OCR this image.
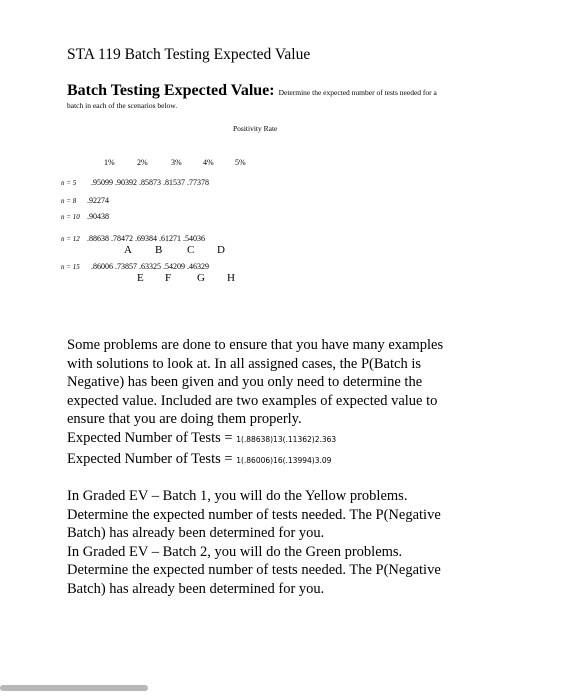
STA 119 Batch Testing Expected Value
Batch Testing Expected Value: Determine the expected number of tests needed for a
batch in each of the scenarios below.
Positivity Rate
1%	2%	3%	4%	5%
n = 5 .95099 .90392 .85873 .81537 .77378
n = 8 .92274
n = 10 .90438
n = 12 .88638 .78472 .69384 .61271 .54036
A B C D
n = 15 .86006 .73857 .63325 .54209 .46329
E F G H

Some problems are done to ensure that you have many examples

with solutions to look at. In all assigned cases, the P(Batch is

Negative) has been given and you only need to determine the

expected value. Included are two examples of expected value to

ensure that you are doing them properly.

Expected Number of Tests = 1(.88638)13(.11362)2.363

Expected Number of Tests = 1(.86006)16(.13994)3.09

In Graded EV – Batch 1, you will do the Yellow problems.

Determine the expected number of tests needed. The P(Negative

Batch) has already been determined for you.

In Graded EV – Batch 2, you will do the Green problems.

Determine the expected number of tests needed. The P(Negative

Batch) has already been determined for you.
